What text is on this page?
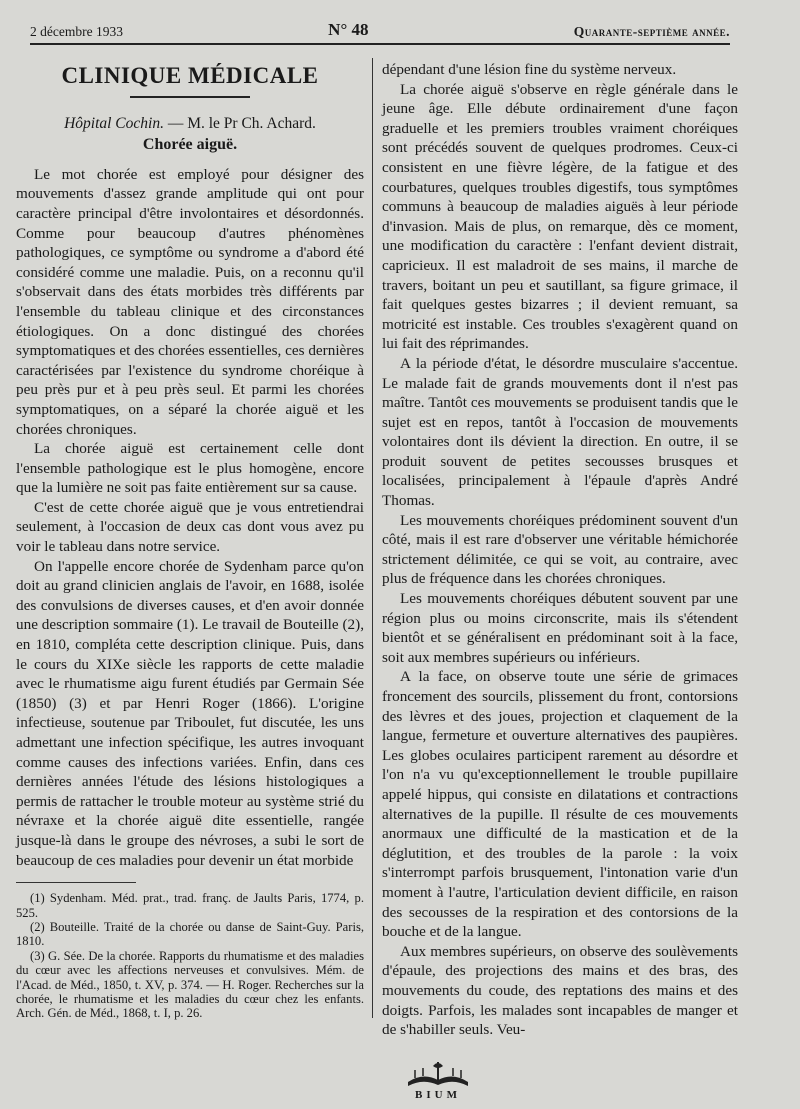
2 décembre 1933	N° 48	Quarante-septième année.
CLINIQUE MÉDICALE
Hôpital Cochin. — M. le Pr Ch. Achard.
Chorée aiguë.

Le mot chorée est employé pour désigner des mouvements d'assez grande amplitude qui ont pour caractère principal d'être involontaires et désordonnés. Comme pour beaucoup d'autres phénomènes pathologiques, ce symptôme ou syndrome a d'abord été considéré comme une maladie. Puis, on a reconnu qu'il s'observait dans des états morbides très différents par l'ensemble du tableau clinique et des circonstances étiologiques. On a donc distingué des chorées symptomatiques et des chorées essentielles, ces dernières caractérisées par l'existence du syndrome choréique à peu près pur et à peu près seul. Et parmi les chorées symptomatiques, on a séparé la chorée aiguë et les chorées chroniques.

La chorée aiguë est certainement celle dont l'ensemble pathologique est le plus homogène, encore que la lumière ne soit pas faite entièrement sur sa cause.

C'est de cette chorée aiguë que je vous entretiendrai seulement, à l'occasion de deux cas dont vous avez pu voir le tableau dans notre service.

On l'appelle encore chorée de Sydenham parce qu'on doit au grand clinicien anglais de l'avoir, en 1688, isolée des convulsions de diverses causes, et d'en avoir donnée une description sommaire (1). Le travail de Bouteille (2), en 1810, compléta cette description clinique. Puis, dans le cours du XIXe siècle les rapports de cette maladie avec le rhumatisme aigu furent étudiés par Germain Sée (1850) (3) et par Henri Roger (1866). L'origine infectieuse, soutenue par Triboulet, fut discutée, les uns admettant une infection spécifique, les autres invoquant comme causes des infections variées. Enfin, dans ces dernières années l'étude des lésions histologiques a permis de rattacher le trouble moteur au système strié du névraxe et la chorée aiguë dite essentielle, rangée jusque-là dans le groupe des névroses, a subi le sort de beaucoup de ces maladies pour devenir un état morbide

(1) Sydenham. Méd. prat., trad. franç. de Jaults Paris, 1774, p. 525.
(2) Bouteille. Traité de la chorée ou danse de Saint-Guy. Paris, 1810.
(3) G. Sée. De la chorée. Rapports du rhumatisme et des maladies du cœur avec les affections nerveuses et convulsives. Mém. de l'Acad. de Méd., 1850, t. XV, p. 374. — H. Roger. Recherches sur la chorée, le rhumatisme et les maladies du cœur chez les enfants. Arch. Gén. de Méd., 1868, t. I, p. 26.

dépendant d'une lésion fine du système nerveux.

La chorée aiguë s'observe en règle générale dans le jeune âge. Elle débute ordinairement d'une façon graduelle et les premiers troubles vraiment choréiques sont précédés souvent de quelques prodromes. Ceux-ci consistent en une fièvre légère, de la fatigue et des courbatures, quelques troubles digestifs, tous symptômes communs à beaucoup de maladies aiguës à leur période d'invasion. Mais de plus, on remarque, dès ce moment, une modification du caractère : l'enfant devient distrait, capricieux. Il est maladroit de ses mains, il marche de travers, boitant un peu et sautillant, sa figure grimace, il fait quelques gestes bizarres ; il devient remuant, sa motricité est instable. Ces troubles s'exagèrent quand on lui fait des réprimandes.

A la période d'état, le désordre musculaire s'accentue. Le malade fait de grands mouvements dont il n'est pas maître. Tantôt ces mouvements se produisent tandis que le sujet est en repos, tantôt à l'occasion de mouvements volontaires dont ils dévient la direction. En outre, il se produit souvent de petites secousses brusques et localisées, principalement à l'épaule d'après André Thomas.

Les mouvements choréiques prédominent souvent d'un côté, mais il est rare d'observer une véritable hémichorée strictement délimitée, ce qui se voit, au contraire, avec plus de fréquence dans les chorées chroniques.

Les mouvements choréiques débutent souvent par une région plus ou moins circonscrite, mais ils s'étendent bientôt et se généralisent en prédominant soit à la face, soit aux membres supérieurs ou inférieurs.

A la face, on observe toute une série de grimaces froncement des sourcils, plissement du front, contorsions des lèvres et des joues, projection et claquement de la langue, fermeture et ouverture alternatives des paupières. Les globes oculaires participent rarement au désordre et l'on n'a vu qu'exceptionnellement le trouble pupillaire appelé hippus, qui consiste en dilatations et contractions alternatives de la pupille. Il résulte de ces mouvements anormaux une difficulté de la mastication et de la déglutition, et des troubles de la parole : la voix s'interrompt parfois brusquement, l'intonation varie d'un moment à l'autre, l'articulation devient difficile, en raison des secousses de la respiration et des contorsions de la bouche et de la langue.

Aux membres supérieurs, on observe des soulèvements d'épaule, des projections des mains et des bras, des mouvements du coude, des reptations des mains et des doigts. Parfois, les malades sont incapables de manger et de s'habiller seuls. Veu-

BIUM
